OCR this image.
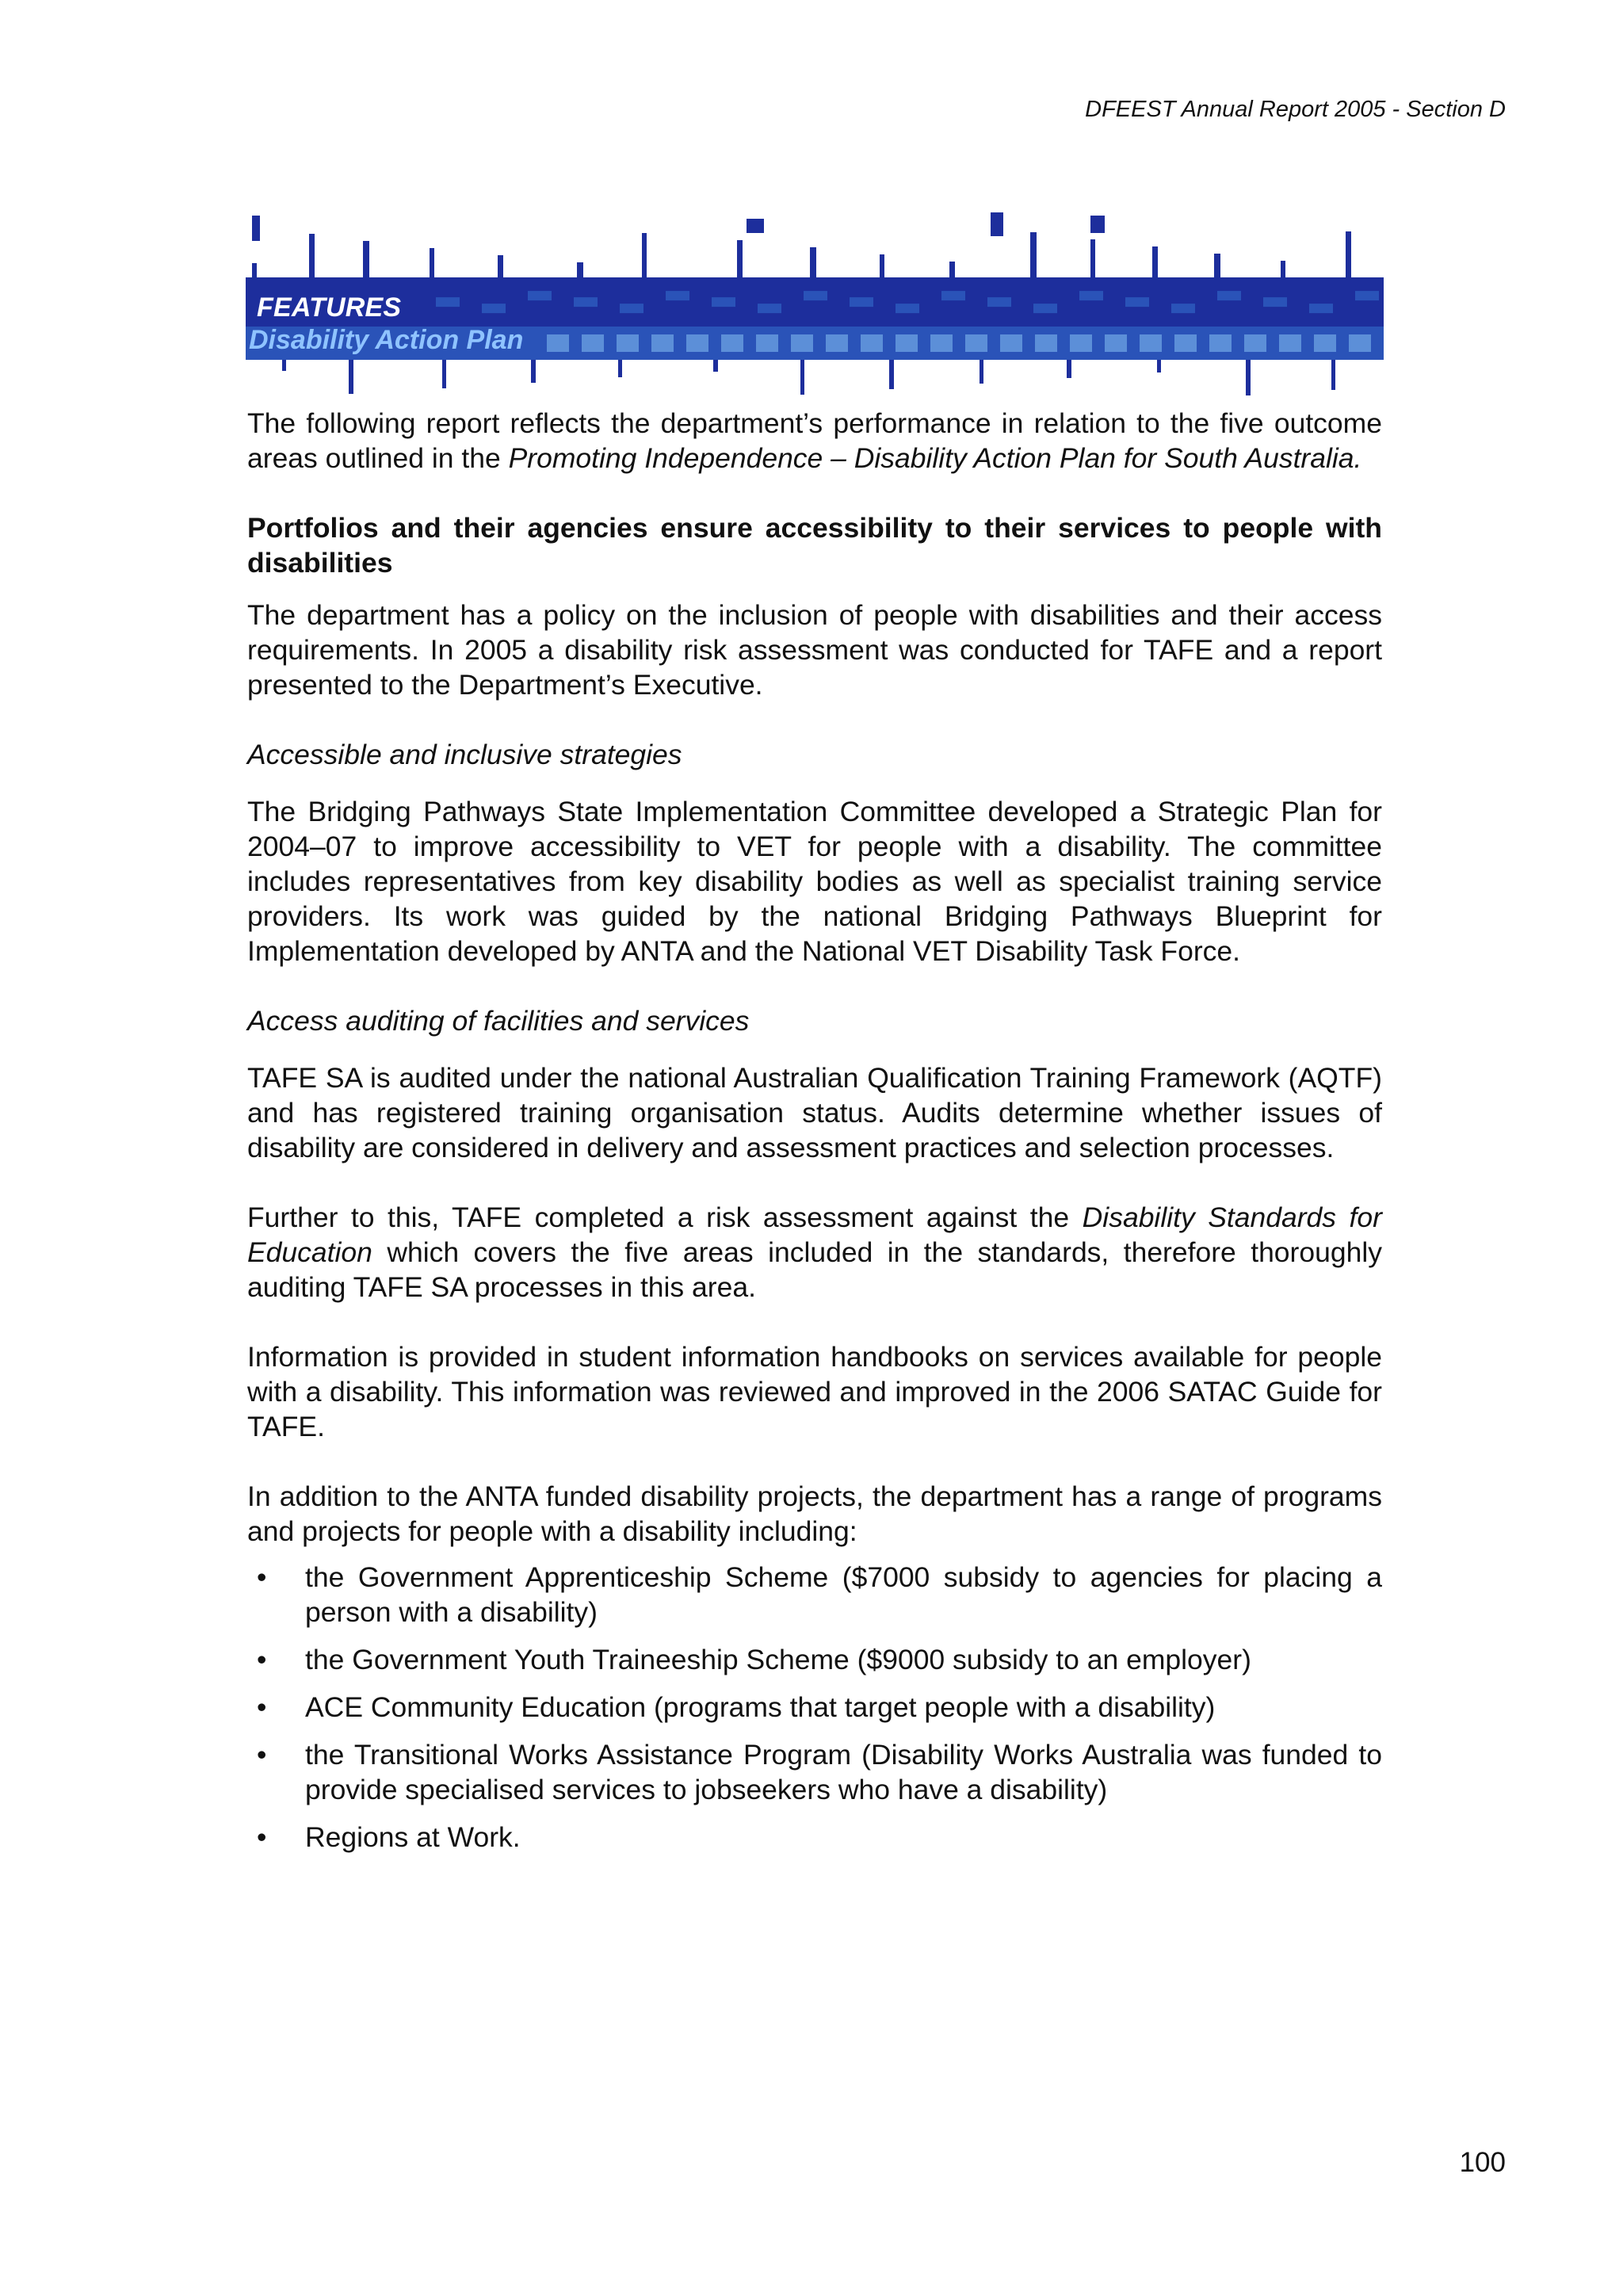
DFEEST Annual Report 2005 - Section D
FEATURES
Disability Action Plan

The following report reflects the department’s performance in relation to the five outcome areas outlined in the Promoting Independence – Disability Action Plan for South Australia.

Portfolios and their agencies ensure accessibility to their services to people with disabilities

The department has a policy on the inclusion of people with disabilities and their access requirements. In 2005 a disability risk assessment was conducted for TAFE and a report presented to the Department’s Executive.

Accessible and inclusive strategies

The Bridging Pathways State Implementation Committee developed a Strategic Plan for 2004–07 to improve accessibility to VET for people with a disability. The committee includes representatives from key disability bodies as well as specialist training service providers. Its work was guided by the national Bridging Pathways Blueprint for Implementation developed by ANTA and the National VET Disability Task Force.

Access auditing of facilities and services

TAFE SA is audited under the national Australian Qualification Training Framework (AQTF) and has registered training organisation status. Audits determine whether issues of disability are considered in delivery and assessment practices and selection processes.

Further to this, TAFE completed a risk assessment against the Disability Standards for Education which covers the five areas included in the standards, therefore thoroughly auditing TAFE SA processes in this area.

Information is provided in student information handbooks on services available for people with a disability. This information was reviewed and improved in the 2006 SATAC Guide for TAFE.

In addition to the ANTA funded disability projects, the department has a range of programs and projects for people with a disability including:

• the Government Apprenticeship Scheme ($7000 subsidy to agencies for placing a person with a disability)
• the Government Youth Traineeship Scheme ($9000 subsidy to an employer)
• ACE Community Education (programs that target people with a disability)
• the Transitional Works Assistance Program (Disability Works Australia was funded to provide specialised services to jobseekers who have a disability)
• Regions at Work.
100
